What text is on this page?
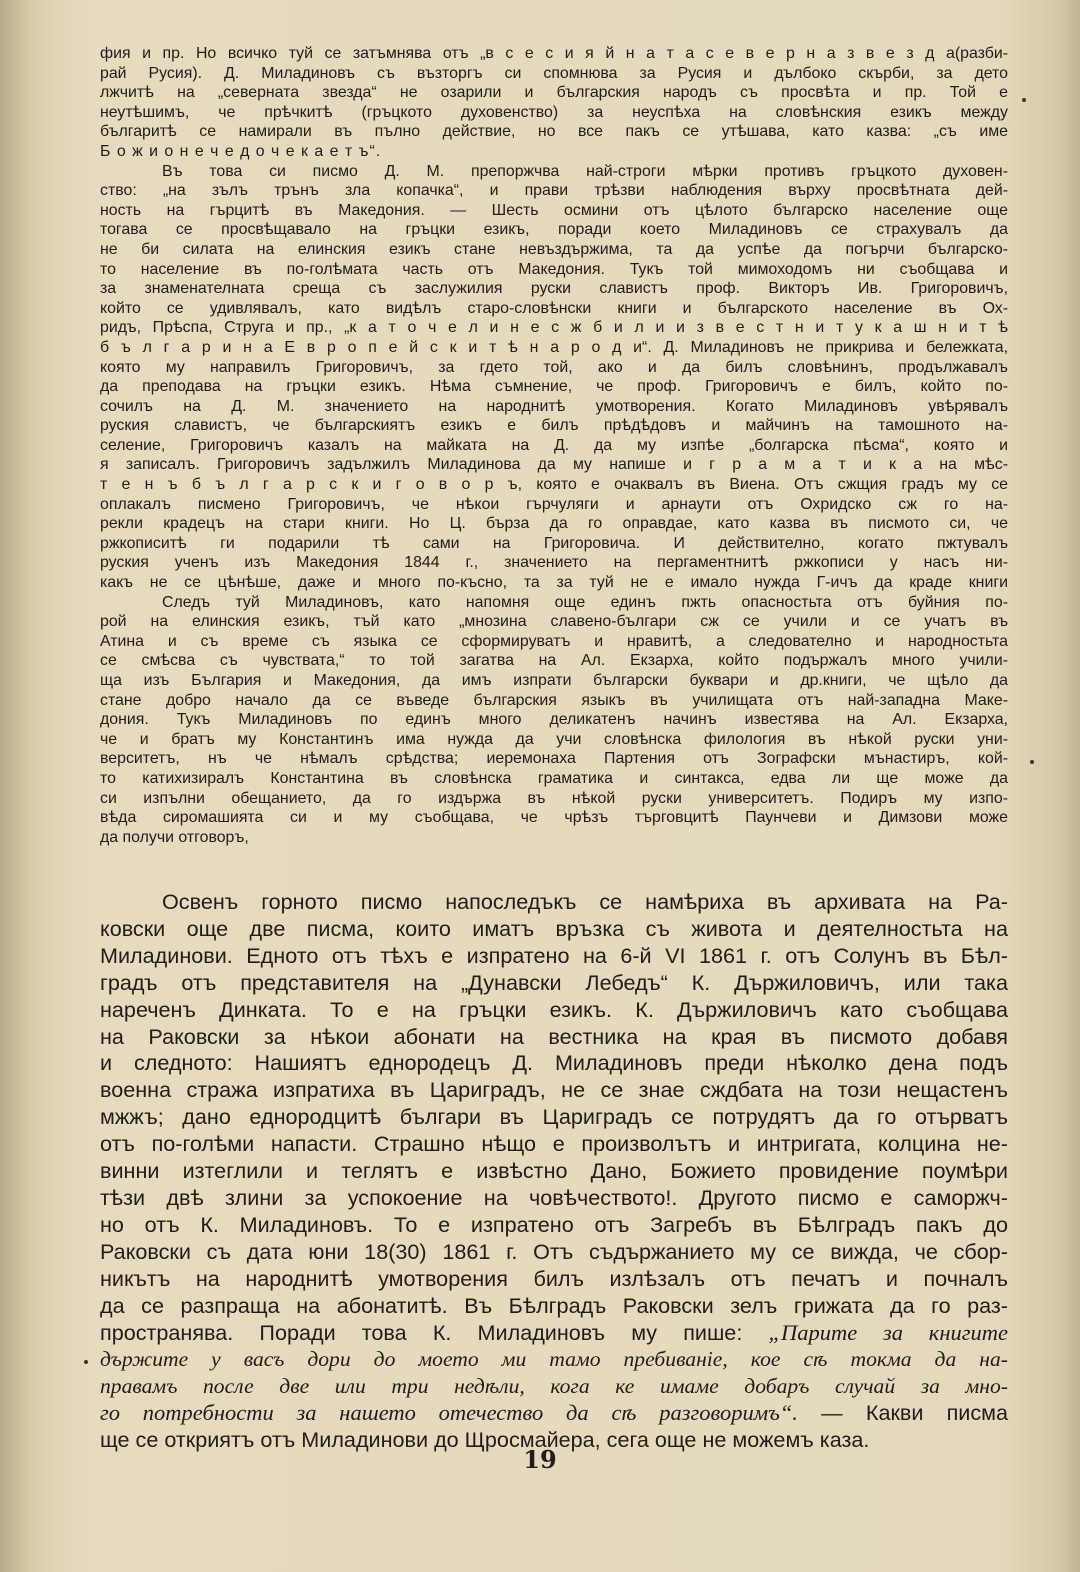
фия и пр. Но всичко туй се затъмнява отъ „в с е с и я й н а т а с е в е р н а з в е з д а(разби-

рай Русия). Д. Миладиновъ съ възторгъ си спомнюва за Русия и дълбоко скърби, за дето

лжчитѣ на „северната звезда“ не озарили и българския народъ съ просвѣта и пр. Той е

неутѣшимъ, че прѣчкитѣ (гръцкото духовенство) за неуспѣха на словѣнския езикъ между

българитѣ се намирали въ пълно действие, но все пакъ се утѣшава, като казва: „съ име

Б о ж и о н е ч е д о ч е к а е т ъ“.

Въ това си писмо Д. М. препоржчва най-строги мѣрки противъ гръцкото духовен-

ство: „на зълъ трънъ зла копачка“, и прави трѣзви наблюдения върху просвѣтната дей-

ность на гърцитѣ въ Македония. — Шесть осмини отъ цѣлото българско население още

тогава се просвѣщавало на гръцки езикъ, поради което Миладиновъ се страхувалъ да

не би силата на елинския езикъ стане невъздържима, та да успѣе да погърчи българско-

то население въ по-голѣмата часть отъ Македония. Тукъ той мимоходомъ ни съобщава и

за знаменателната среща съ заслужилия руски славистъ проф. Викторъ Ив. Григоровичъ,

който се удивлявалъ, като видѣлъ старо-словѣнски книги и българското население въ Ох-

ридъ, Прѣспа, Струга и пр., „к а т о ч е л и н е с ж б и л и и з в е с т н и т у к а ш н и т ѣ

б ъ л г а р и н а Е в р о п е й с к и т ѣ н а р о д и“. Д. Миладиновъ не прикрива и бележката,

която му направилъ Григоровичъ, за гдето той, ако и да билъ словѣнинъ, продължавалъ

да преподава на гръцки езикъ. Нѣма съмнение, че проф. Григоровичъ е билъ, който по-

сочилъ на Д. М. значението на народнитѣ умотворения. Когато Миладиновъ увѣрявалъ

руския славистъ, че българскиятъ езикъ е билъ прѣдѣдовъ и майчинъ на тамошното на-

селение, Григоровичъ казалъ на майката на Д. да му изпѣе „болгарска пѣсма“, която и

я записалъ. Григоровичъ задължилъ Миладинова да му напише и г р а м а т и к а на мѣс-

т е н ъ б ъ л г а р с к и г о в о р ъ, която е очаквалъ въ Виена. Отъ сжщия градъ му се

оплакалъ писмено Григоровичъ, че нѣкои гърчуляги и арнаути отъ Охридско сж го на-

рекли крадецъ на стари книги. Но Ц. бърза да го оправдае, като казва въ писмото си, че

ржкописитѣ ги подарили тѣ сами на Григоровича. И действително, когато пжтувалъ

руския ученъ изъ Македония 1844 г., значението на пергаментнитѣ ржкописи у насъ ни-

какъ не се цѣнѣше, даже и много по-късно, та за туй не е имало нужда Г-ичъ да краде книги

Следъ туй Миладиновъ, като напомня още единъ пжть опасностьта отъ буйния по-

рой на елинския езикъ, тъй като „мнозина славено-българи сж се учили и се учатъ въ

Атина и съ време съ языка се сформируватъ и нравитѣ, а следователно и народностьта

се смѣсва съ чувствата,“ то той загатва на Ал. Екзарха, който подържалъ много учили-

ща изъ България и Македония, да имъ изпрати български буквари и др.книги, че щѣло да

стане добро начало да се въведе българския языкъ въ училищата отъ най-западна Маке-

дония. Тукъ Миладиновъ по единъ много деликатенъ начинъ известява на Ал. Екзарха,

че и братъ му Константинъ има нужда да учи словѣнска филология въ нѣкой руски уни-

верситетъ, нъ че нѣмалъ срѣдства; иеремонаха Партения отъ Зографски мънастиръ, кой-

то катихизиралъ Константина въ словѣнска граматика и синтакса, едва ли ще може да

си изпълни обещанието, да го издържа въ нѣкой руски университетъ. Подиръ му изпо-

вѣда сиромашията си и му съобщава, че чрѣзъ търговцитѣ Паунчеви и Димзови може

да получи отговоръ,

Освенъ горното писмо напоследъкъ се намѣриха въ архивата на Ра-

ковски още две писма, които иматъ връзка съ живота и деятелностьта на

Миладинови. Едното отъ тѣхъ е изпратено на 6-й VI 1861 г. отъ Солунъ въ Бѣл-

градъ отъ представителя на „Дунавски Лебедъ“ К. Държиловичъ, или така

нареченъ Динката. То е на гръцки езикъ. К. Държиловичъ като съобщава

на Раковски за нѣкои абонати на вестника на края въ писмото добавя

и следното: Нашиятъ еднородецъ Д. Миладиновъ преди нѣколко дена подъ

военна стража изпратиха въ Цариградъ, не се знае сждбата на този нещастенъ

мжжъ; дано еднородцитѣ българи въ Цариградъ се потрудятъ да го отърватъ

отъ по-голѣми напасти. Страшно нѣщо е произволътъ и интригата, колцина не-

винни изтеглили и теглятъ е извѣстно Дано, Божието провидение поумѣри

тѣзи двѣ злини за успокоение на човѣчеството!. Другото писмо е саморжч-

но отъ К. Миладиновъ. То е изпратено отъ Загребъ въ Бѣлградъ пакъ до

Раковски съ дата юни 18(30) 1861 г. Отъ съдържанието му се вижда, че сбор-

никътъ на народнитѣ умотворения билъ излѣзалъ отъ печатъ и почналъ

да се разпраща на абонатитѣ. Въ Бѣлградъ Раковски зелъ грижата да го раз-

пространява. Поради това К. Миладиновъ му пише: „Парите за книгите

държите у васъ дори до моето ми тамо пребиванiе, кое сѣ токма да на-

правамъ после две или три недѣли, кога ке имаме добаръ случай за мно-

го потребности за нашето отечество да сѣ разговоримъ“. — Какви писма

ще се откриятъ отъ Миладинови до Щросмайера, сега още не можемъ каза.

19
